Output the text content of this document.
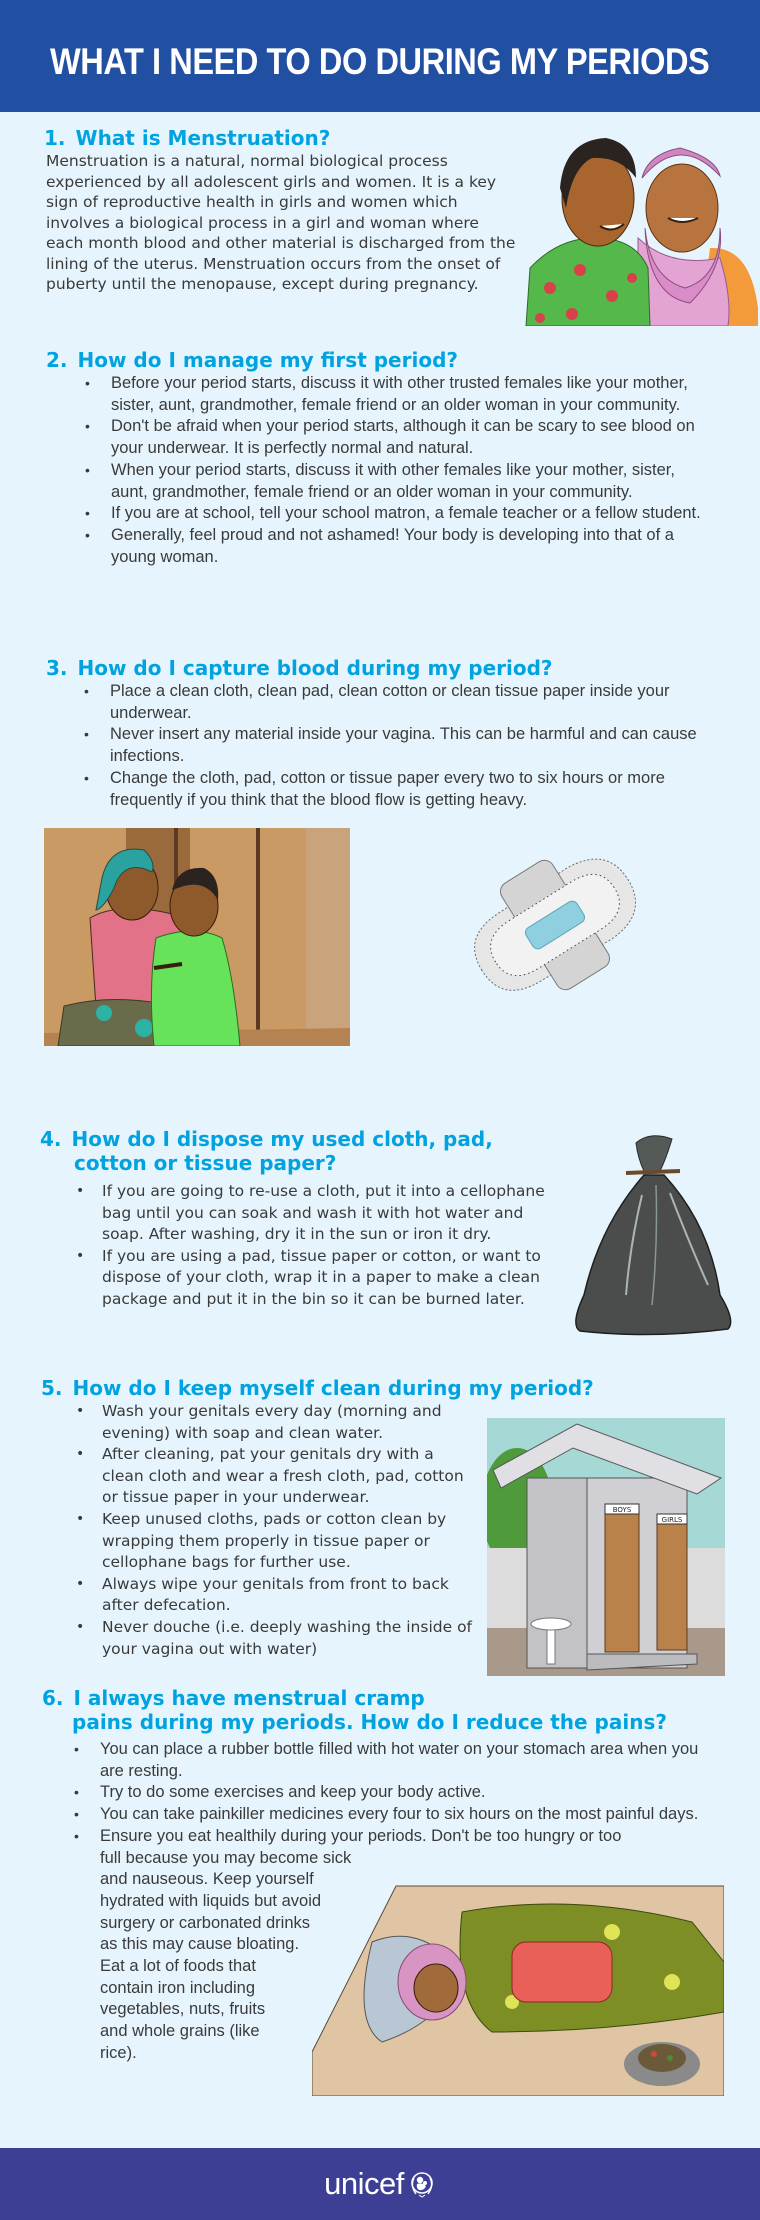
WHAT I NEED TO DO DURING MY PERIODS
1. What is Menstruation?
Menstruation is a natural, normal biological process experienced by all adolescent girls and women. It is a key sign of reproductive health in girls and women which involves a biological process in a girl and woman where each month blood and other material is discharged from the lining of the uterus. Menstruation occurs from the onset of puberty until the menopause, except during pregnancy.
2. How do I manage my first period?
• Before your period starts, discuss it with other trusted females like your mother, sister, aunt, grandmother, female friend or an older woman in your community.
• Don't be afraid when your period starts, although it can be scary to see blood on your underwear. It is perfectly normal and natural.
• When your period starts, discuss it with other females like your mother, sister, aunt, grandmother, female friend or an older woman in your community.
• If you are at school, tell your school matron, a female teacher or a fellow student.
• Generally, feel proud and not ashamed! Your body is developing into that of a young woman.
3. How do I capture blood during my period?
• Place a clean cloth, clean pad, clean cotton or clean tissue paper inside your underwear.
• Never insert any material inside your vagina. This can be harmful and can cause infections.
• Change the cloth, pad, cotton or tissue paper every two to six hours or more frequently if you think that the blood flow is getting heavy.
4. How do I dispose my used cloth, pad,
cotton or tissue paper?
• If you are going to re-use a cloth, put it into a cellophane bag until you can soak and wash it with hot water and soap. After washing, dry it in the sun or iron it dry.
• If you are using a pad, tissue paper or cotton, or want to dispose of your cloth, wrap it in a paper to make a clean package and put it in the bin so it can be burned later.
5. How do I keep myself clean during my period?
• Wash your genitals every day (morning and evening) with soap and clean water.
• After cleaning, pat your genitals dry with a clean cloth and wear a fresh cloth, pad, cotton or tissue paper in your underwear.
• Keep unused cloths, pads or cotton clean by wrapping them properly in tissue paper or cellophane bags for further use.
• Always wipe your genitals from front to back after defecation.
• Never douche (i.e. deeply washing the inside of your vagina out with water)
BOYS
GIRLS
6. I always have menstrual cramp
pains during my periods. How do I reduce the pains?
• You can place a rubber bottle filled with hot water on your stomach area when you are resting.
• Try to do some exercises and keep your body active.
• You can take painkiller medicines every four to six hours on the most painful days.
• Ensure you eat healthily during your periods. Don't be too hungry or too
full because you may become sick
and nauseous. Keep yourself
hydrated with liquids but avoid
surgery or carbonated drinks
as this may cause bloating.
Eat a lot of foods that
contain iron including
vegetables, nuts, fruits
and whole grains (like
rice).
unicef
